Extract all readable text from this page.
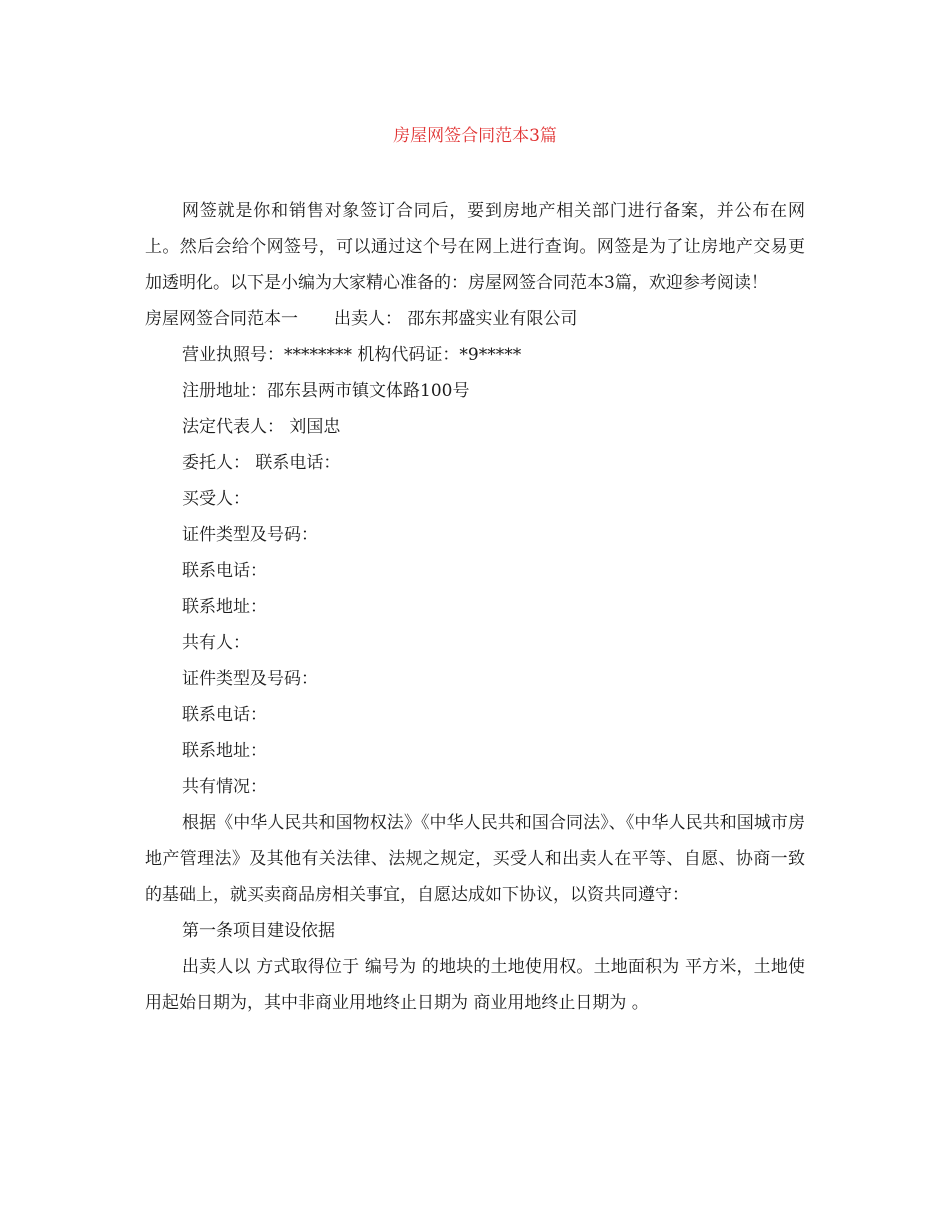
房屋网签合同范本3篇

网签就是你和销售对象签订合同后，要到房地产相关部门进行备案，并公布在网上。然后会给个网签号，可以通过这个号在网上进行查询。网签是为了让房地产交易更加透明化。以下是小编为大家精心准备的：房屋网签合同范本3篇，欢迎参考阅读！

房屋网签合同范本一 出卖人： 邵东邦盛实业有限公司

营业执照号：******** 机构代码证：*9*****

注册地址：邵东县两市镇文体路100号

法定代表人： 刘国忠

委托人： 联系电话：

买受人：

证件类型及号码：

联系电话：

联系地址：

共有人：

证件类型及号码：

联系电话：

联系地址：

共有情况：

根据《中华人民共和国物权法》《中华人民共和国合同法》、《中华人民共和国城市房地产管理法》及其他有关法律、法规之规定，买受人和出卖人在平等、自愿、协商一致的基础上，就买卖商品房相关事宜，自愿达成如下协议，以资共同遵守：

第一条项目建设依据

出卖人以 方式取得位于 编号为 的地块的土地使用权。土地面积为 平方米，土地使用起始日期为，其中非商业用地终止日期为 商业用地终止日期为 。
